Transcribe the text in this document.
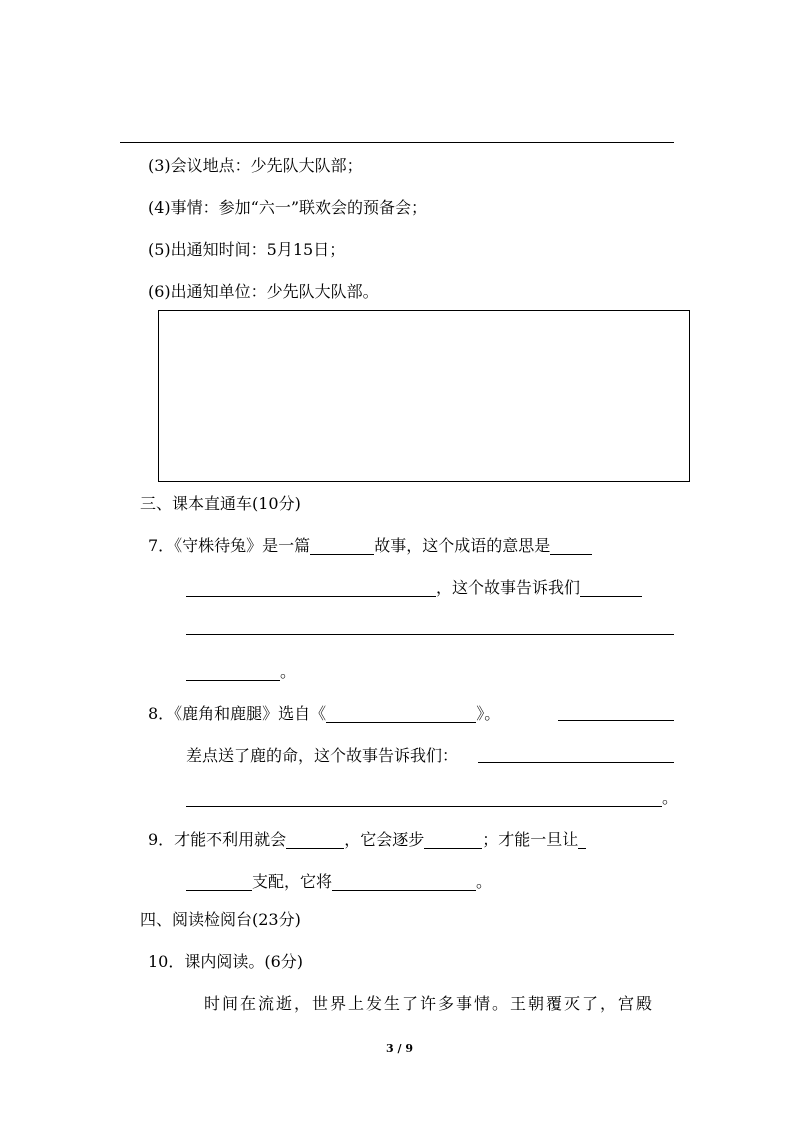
(3)会议地点：少先队大队部；
(4)事情：参加“六一”联欢会的预备会；
(5)出通知时间：5月15日；
(6)出通知单位：少先队大队部。
三、课本直通车(10分)
7．《守株待兔》是一篇	故事，这个成语的意思是
，这个故事告诉我们
。
8．《鹿角和鹿腿》选自《	》。
差点送了鹿的命，这个故事告诉我们：
。
9．才能不利用就会	，它会逐步	；才能一旦让
支配，它将	。
四、阅读检阅台(23分)
10．课内阅读。(6分)
时间在流逝，世界上发生了许多事情。王朝覆灭了，宫殿
3 / 9
